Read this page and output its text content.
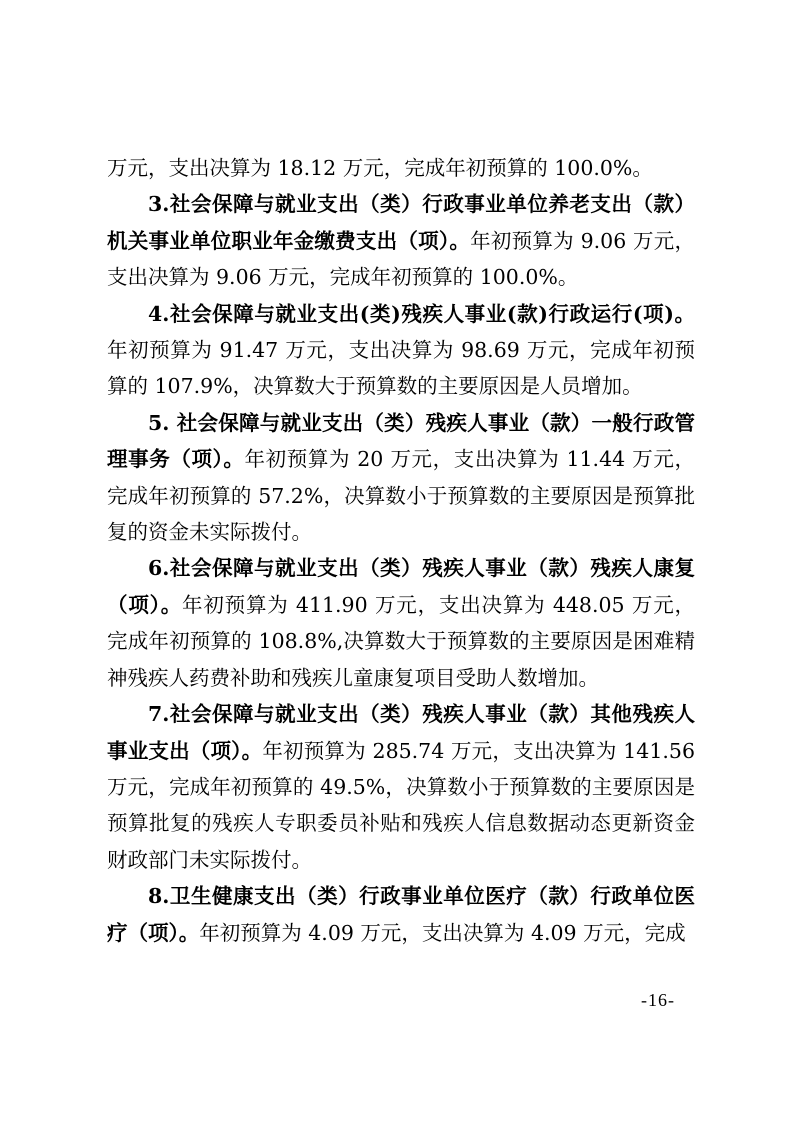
万元，支出决算为 18.12 万元，完成年初预算的 100.0%。

3.社会保障与就业支出（类）行政事业单位养老支出（款）机关事业单位职业年金缴费支出（项）。年初预算为 9.06 万元，支出决算为 9.06 万元，完成年初预算的 100.0%。

4.社会保障与就业支出(类)残疾人事业(款)行政运行(项)。年初预算为 91.47 万元，支出决算为 98.69 万元，完成年初预算的 107.9%，决算数大于预算数的主要原因是人员增加。

5. 社会保障与就业支出（类）残疾人事业（款）一般行政管理事务（项）。年初预算为 20 万元，支出决算为 11.44 万元，完成年初预算的 57.2%，决算数小于预算数的主要原因是预算批复的资金未实际拨付。

6.社会保障与就业支出（类）残疾人事业（款）残疾人康复（项）。年初预算为 411.90 万元，支出决算为 448.05 万元，完成年初预算的 108.8%,决算数大于预算数的主要原因是困难精神残疾人药费补助和残疾儿童康复项目受助人数增加。

7.社会保障与就业支出（类）残疾人事业（款）其他残疾人事业支出（项）。年初预算为 285.74 万元，支出决算为 141.56 万元，完成年初预算的 49.5%，决算数小于预算数的主要原因是预算批复的残疾人专职委员补贴和残疾人信息数据动态更新资金财政部门未实际拨付。

8.卫生健康支出（类）行政事业单位医疗（款）行政单位医疗（项）。年初预算为 4.09 万元，支出决算为 4.09 万元，完成

-16-
